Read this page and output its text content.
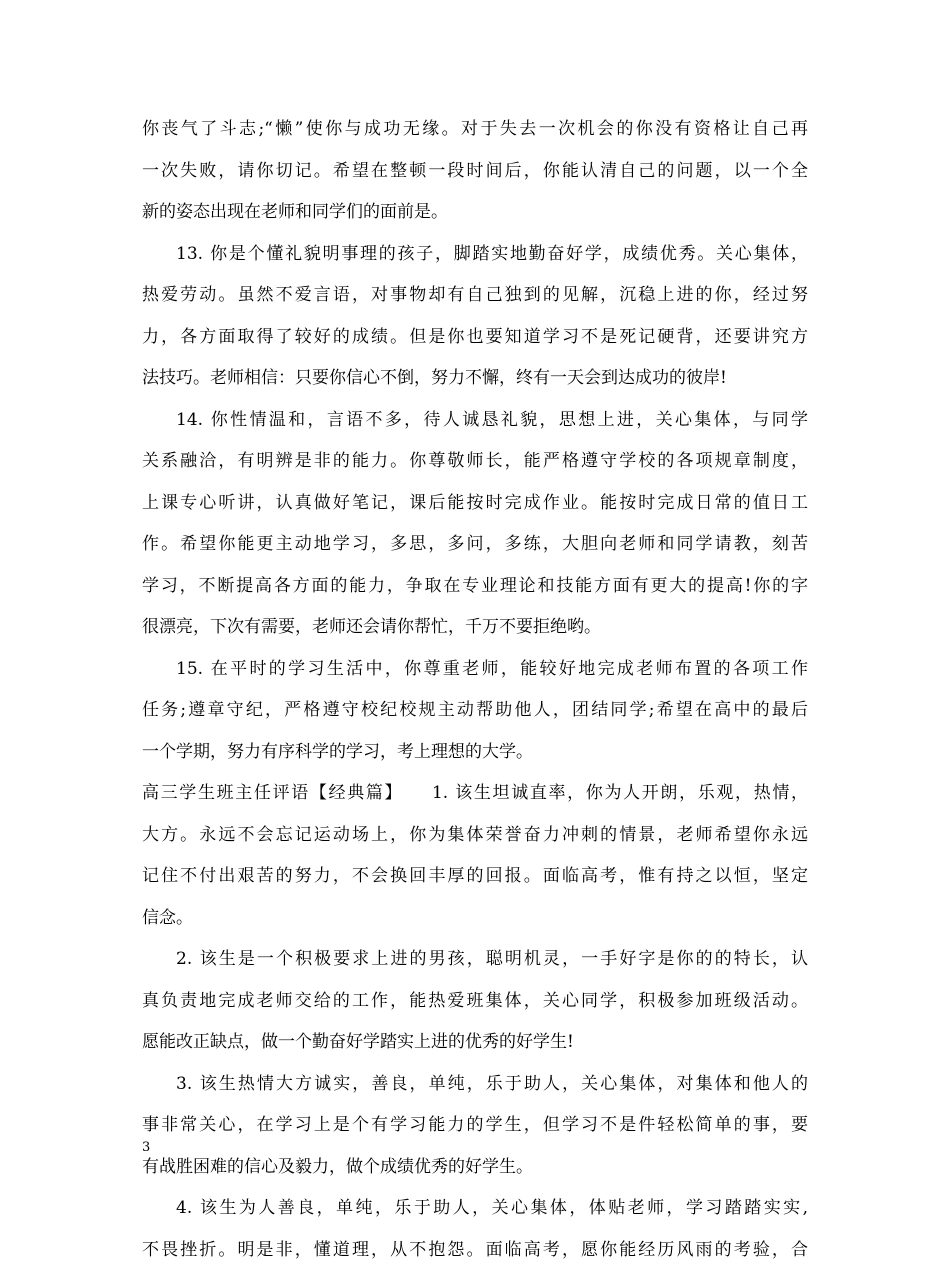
你丧气了斗志;“懒”使你与成功无缘。对于失去一次机会的你没有资格让自己再
一次失败，请你切记。希望在整顿一段时间后，你能认清自己的问题，以一个全
新的姿态出现在老师和同学们的面前是。
13. 你是个懂礼貌明事理的孩子，脚踏实地勤奋好学，成绩优秀。关心集体，
热爱劳动。虽然不爱言语，对事物却有自己独到的见解，沉稳上进的你，经过努
力，各方面取得了较好的成绩。但是你也要知道学习不是死记硬背，还要讲究方
法技巧。老师相信：只要你信心不倒，努力不懈，终有一天会到达成功的彼岸!
14. 你性情温和，言语不多，待人诚恳礼貌，思想上进，关心集体，与同学
关系融洽，有明辨是非的能力。你尊敬师长，能严格遵守学校的各项规章制度，
上课专心听讲，认真做好笔记，课后能按时完成作业。能按时完成日常的值日工
作。希望你能更主动地学习，多思，多问，多练，大胆向老师和同学请教，刻苦
学习，不断提高各方面的能力，争取在专业理论和技能方面有更大的提高!你的字
很漂亮，下次有需要，老师还会请你帮忙，千万不要拒绝哟。
15. 在平时的学习生活中，你尊重老师，能较好地完成老师布置的各项工作
任务;遵章守纪，严格遵守校纪校规主动帮助他人，团结同学;希望在高中的最后
一个学期，努力有序科学的学习，考上理想的大学。
高三学生班主任评语【经典篇】　　1. 该生坦诚直率，你为人开朗，乐观，热情，
大方。永远不会忘记运动场上，你为集体荣誉奋力冲刺的情景，老师希望你永远
记住不付出艰苦的努力，不会换回丰厚的回报。面临高考，惟有持之以恒，坚定
信念。
2. 该生是一个积极要求上进的男孩，聪明机灵，一手好字是你的的特长，认
真负责地完成老师交给的工作，能热爱班集体，关心同学，积极参加班级活动。
愿能改正缺点，做一个勤奋好学踏实上进的优秀的好学生!
3. 该生热情大方诚实，善良，单纯，乐于助人，关心集体，对集体和他人的
事非常关心，在学习上是个有学习能力的学生，但学习不是件轻松简单的事，要
有战胜困难的信心及毅力，做个成绩优秀的好学生。
4. 该生为人善良，单纯，乐于助人，关心集体，体贴老师，学习踏踏实实,
不畏挫折。明是非，懂道理，从不抱怨。面临高考，愿你能经历风雨的考验，合
3
